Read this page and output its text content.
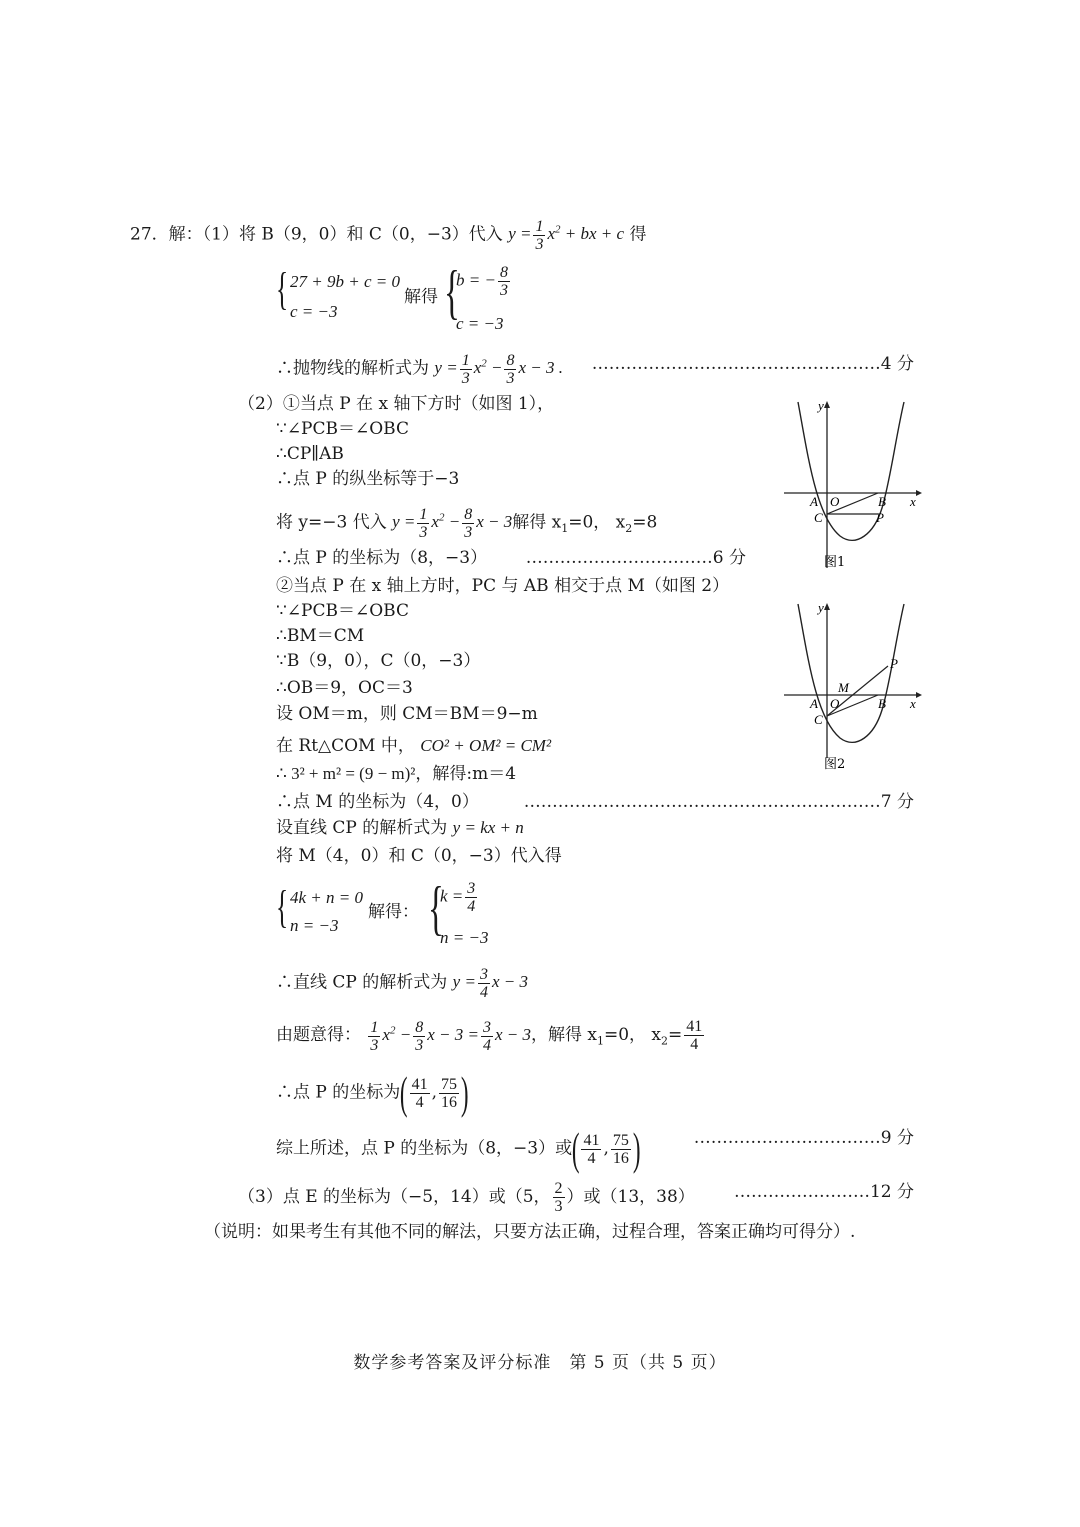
27．解：（1）将 B（9，0）和 C（0，−3）代入 $y = \frac{1}{3} x^2$ + bx + c 得
{ 27 + 9b + c = 0
c = −3
解得 {
b = − $\frac{8}{3}$
c = −3
∴抛物线的解析式为 $y = \frac{1}{3} x^2 - \frac{8}{3}$ x − 3 . ……………………………………………4 分
（2）①当点 P 在 x 轴下方时（如图 1），
∵∠PCB＝∠OBC
∴CP∥AB
∴点 P 的纵坐标等于−3
将 y=−3 代入 $y = \frac{1}{3} x^2 - \frac{8}{3}$ x − 3解得 $x_1=0$， $x_2=8$
∴点 P 的坐标为（8，−3） ……………………………6 分
②当点 P 在 x 轴上方时，PC 与 AB 相交于点 M（如图 2）
∵∠PCB＝∠OBC
∴BM＝CM
∵B（9，0），C（0，−3）
∴OB＝9，OC＝3
设 OM＝m，则 CM＝BM＝9−m
在 Rt△COM 中， CO² + OM² = CM²
∴ 3² + m² = (9 − m)²，解得:m＝4
∴点 M 的坐标为（4，0）	………………………………………………………7 分
设直线 CP 的解析式为 y = kx + n
将 M（4，0）和 C（0，−3）代入得
{ 4k + n = 0
n = −3
解得： {
$k = \frac{3}{4}$
n = −3
∴直线 CP 的解析式为 $y = \frac{3}{4}$ x − 3
由题意得： $\frac{1}{3} x^2 - \frac{8}{3}$ $x - 3 = \frac{3}{4}$ x − 3，解得 $x_1=0$， $x_2= \frac{41}{4}$
∴点 P 的坐标为( $\frac{41}{4}$ , $\frac{75}{16}$ )
综上所述，点 P 的坐标为（8，−3）或( $\frac{41}{4}$ , $\frac{75}{16}$ )	……………………………9 分
（3）点 E 的坐标为（−5，14）或（5， $\frac{2}{3}$ ）或（13，38） ……………………12 分
（说明：如果考生有其他不同的解法，只要方法正确，过程合理，答案正确均可得分）.
y
x
A O	B
C	P
图1
y
x
A O	B
C
P
M
图2
数学参考答案及评分标准　第 5 页（共 5 页）
